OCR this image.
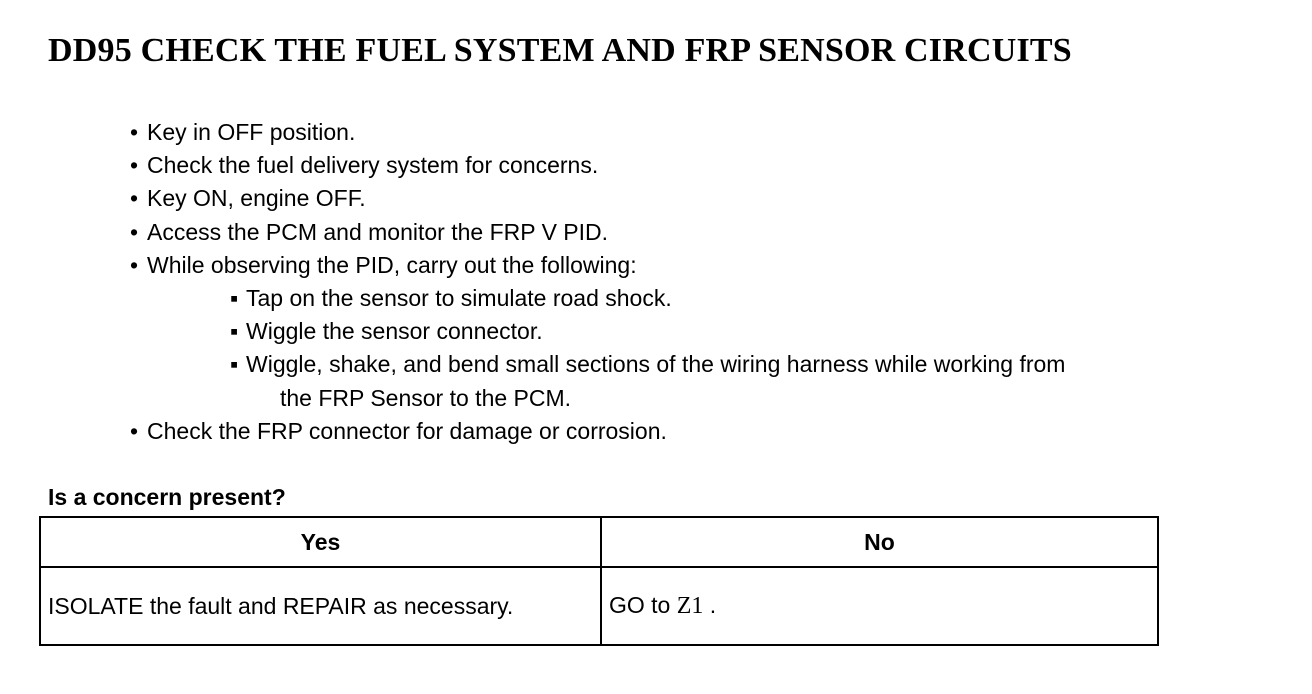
DD95 CHECK THE FUEL SYSTEM AND FRP SENSOR CIRCUITS
• Key in OFF position.
• Check the fuel delivery system for concerns.
• Key ON, engine OFF.
• Access the PCM and monitor the FRP V PID.
• While observing the PID, carry out the following:
▪ Tap on the sensor to simulate road shock.
▪ Wiggle the sensor connector.
▪ Wiggle, shake, and bend small sections of the wiring harness while working from
the FRP Sensor to the PCM.
• Check the FRP connector for damage or corrosion.
Is a concern present?
Yes	No
ISOLATE the fault and REPAIR as necessary.	GO to Z1 .
